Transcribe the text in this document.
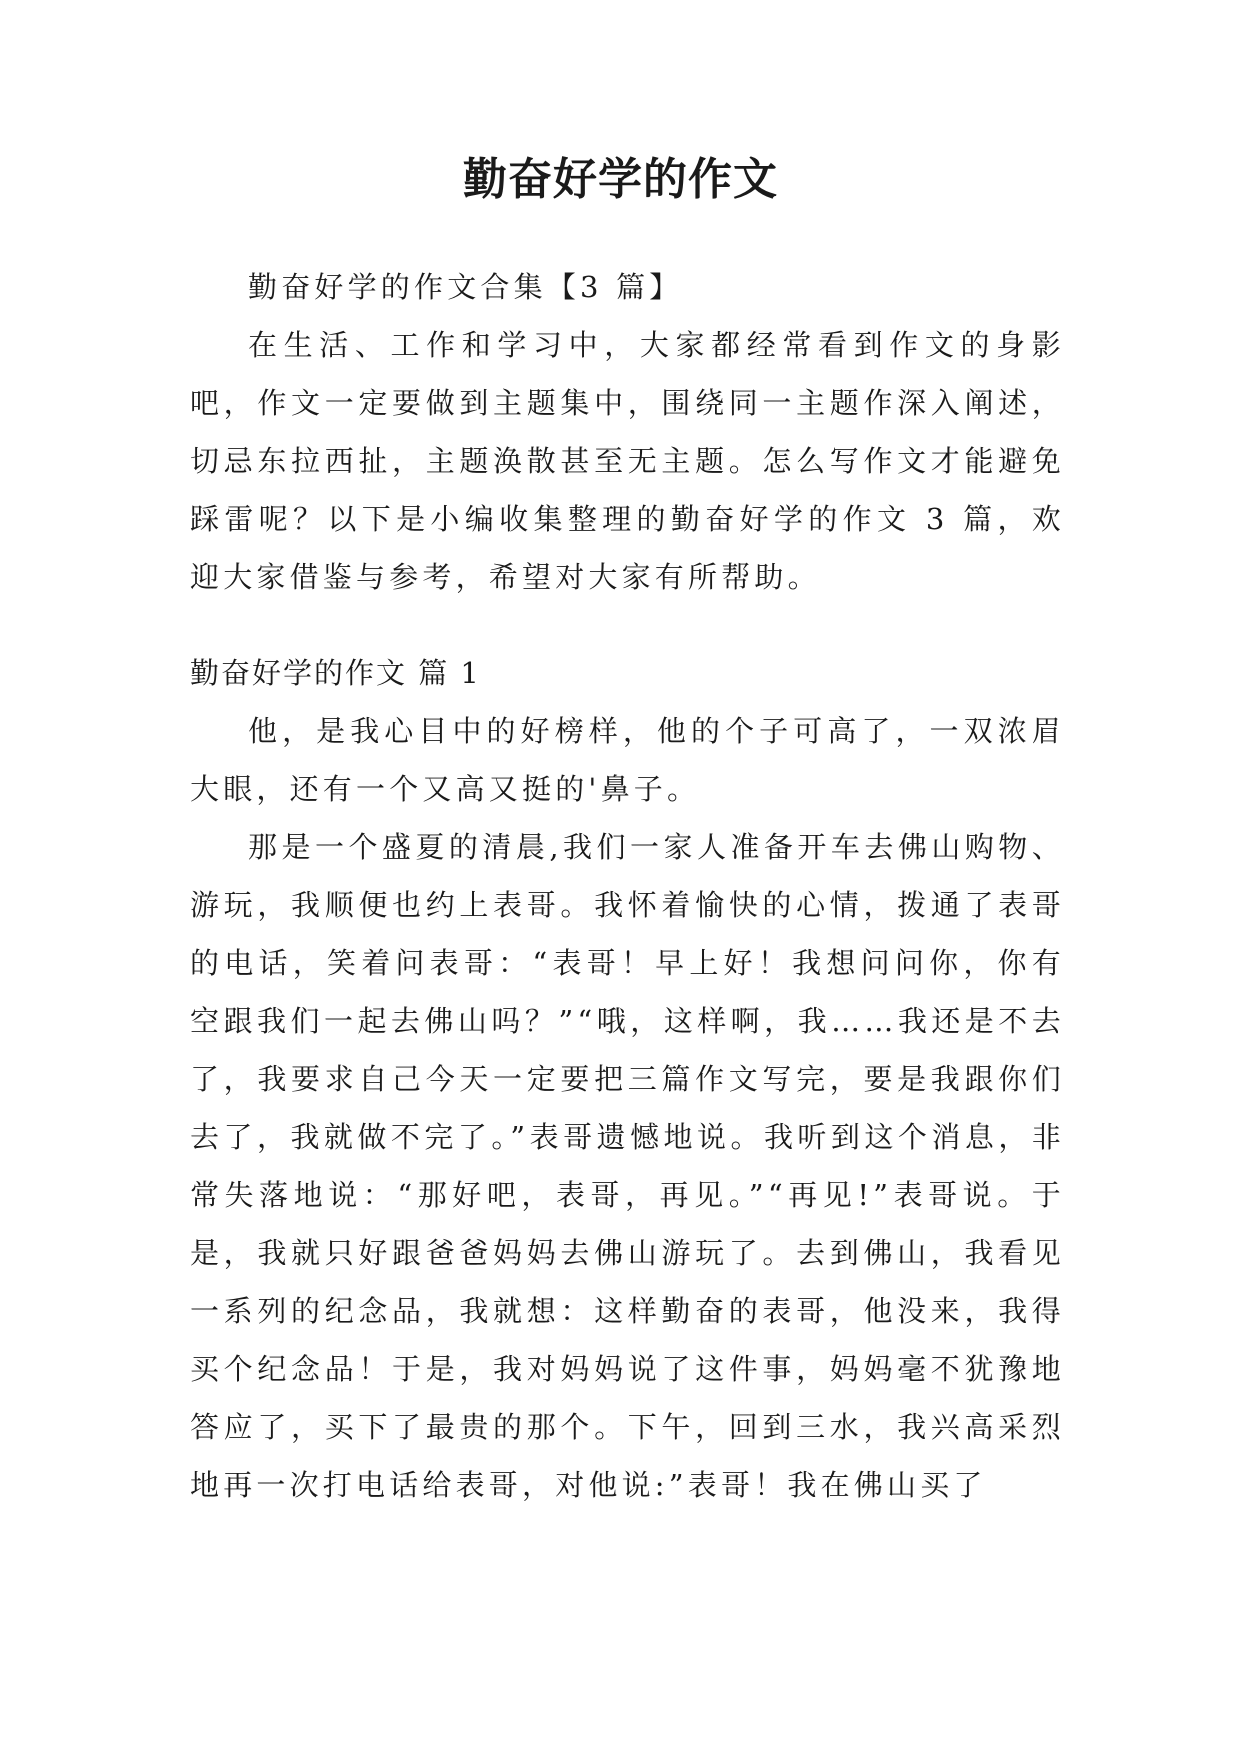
勤奋好学的作文

勤奋好学的作文合集【3 篇】

在生活、工作和学习中，大家都经常看到作文的身影吧，作文一定要做到主题集中，围绕同一主题作深入阐述，切忌东拉西扯，主题涣散甚至无主题。怎么写作文才能避免踩雷呢？以下是小编收集整理的勤奋好学的作文 3 篇，欢迎大家借鉴与参考，希望对大家有所帮助。

勤奋好学的作文 篇 1

他，是我心目中的好榜样，他的个子可高了，一双浓眉大眼，还有一个又高又挺的'鼻子。

那是一个盛夏的清晨,我们一家人准备开车去佛山购物、游玩，我顺便也约上表哥。我怀着愉快的心情，拨通了表哥的电话，笑着问表哥：“表哥！早上好！我想问问你，你有空跟我们一起去佛山吗？”“哦，这样啊，我……我还是不去了，我要求自己今天一定要把三篇作文写完，要是我跟你们去了，我就做不完了。”表哥遗憾地说。我听到这个消息，非常失落地说：“那好吧，表哥，再见。”“再见!”表哥说。于是，我就只好跟爸爸妈妈去佛山游玩了。去到佛山，我看见一系列的纪念品，我就想：这样勤奋的表哥，他没来，我得买个纪念品！于是，我对妈妈说了这件事，妈妈毫不犹豫地答应了，买下了最贵的那个。下午，回到三水，我兴高采烈地再一次打电话给表哥，对他说:”表哥！我在佛山买了
